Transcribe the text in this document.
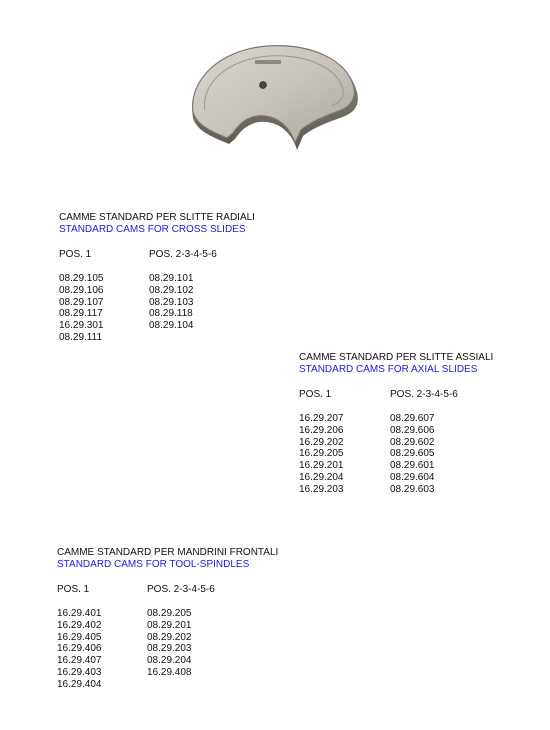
CAMME STANDARD PER SLITTE RADIALI
STANDARD CAMS FOR CROSS SLIDES
POS. 1
08.29.105
08.29.106
08.29.107
08.29.117
16.29.301
08.29.111
POS. 2-3-4-5-6
08.29.101
08.29.102
08.29.103
08.29.118
08.29.104
CAMME STANDARD PER SLITTE ASSIALI
STANDARD CAMS FOR AXIAL SLIDES
POS. 1
16.29.207
16.29.206
16.29.202
16.29.205
16.29.201
16.29.204
16.29.203
POS. 2-3-4-5-6
08.29.607
08.29.606
08.29.602
08.29.605
08.29.601
08.29.604
08.29.603
CAMME STANDARD PER MANDRINI FRONTALI
STANDARD CAMS FOR TOOL-SPINDLES
POS. 1
16.29.401
16.29.402
16.29.405
16.29.406
16.29.407
16.29.403
16.29.404
POS. 2-3-4-5-6
08.29.205
08.29.201
08.29.202
08.29.203
08.29.204
16.29.408
